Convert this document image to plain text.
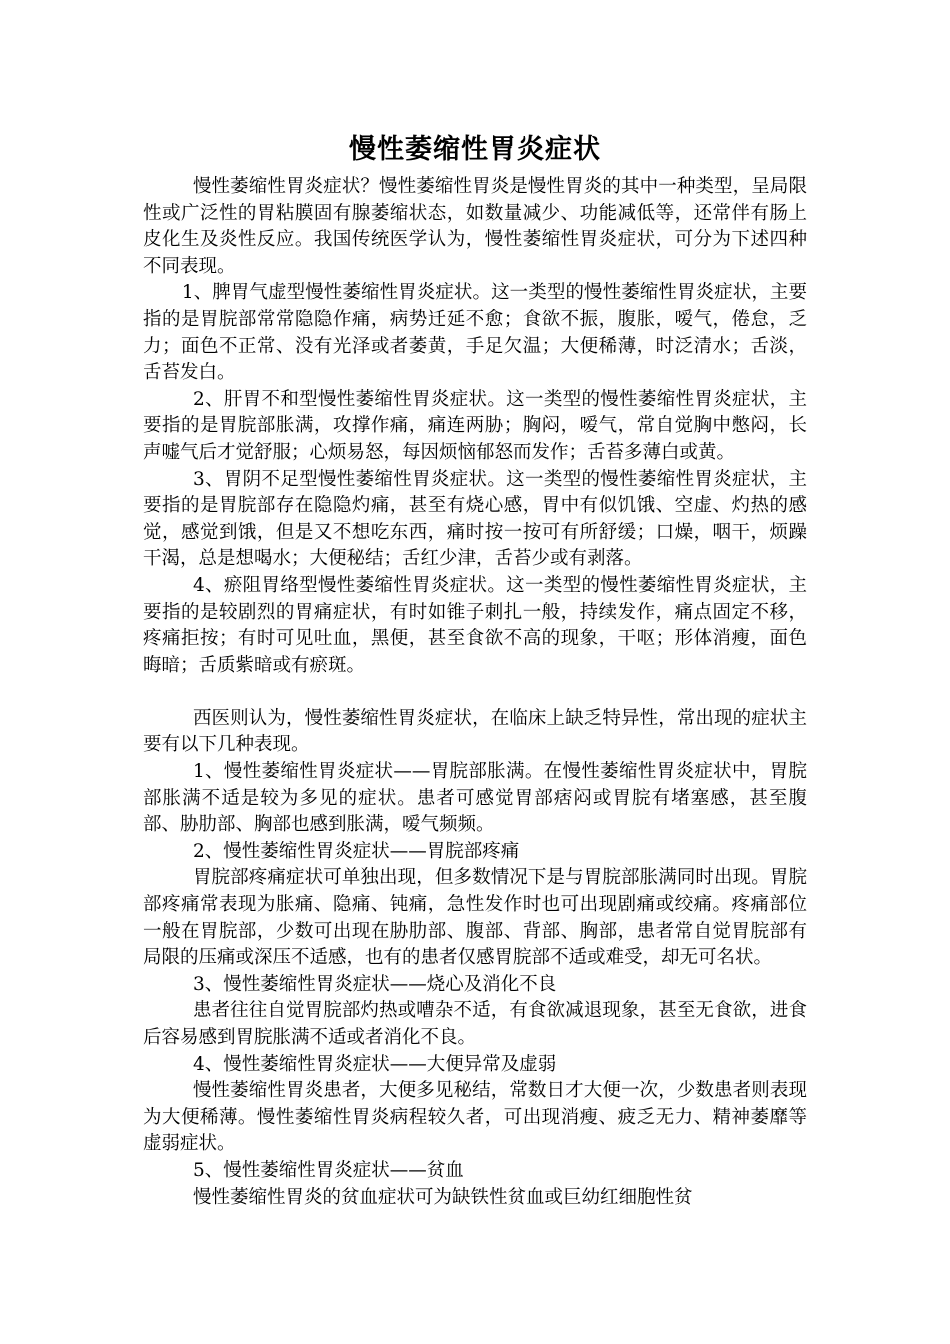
慢性萎缩性胃炎症状

慢性萎缩性胃炎症状？慢性萎缩性胃炎是慢性胃炎的其中一种类型，呈局限性或广泛性的胃粘膜固有腺萎缩状态，如数量减少、功能减低等，还常伴有肠上皮化生及炎性反应。我国传统医学认为，慢性萎缩性胃炎症状，可分为下述四种不同表现。

1、脾胃气虚型慢性萎缩性胃炎症状。这一类型的慢性萎缩性胃炎症状，主要指的是胃脘部常常隐隐作痛，病势迁延不愈；食欲不振，腹胀，嗳气，倦怠，乏力；面色不正常、没有光泽或者萎黄，手足欠温；大便稀薄，时泛清水；舌淡，舌苔发白。

2、肝胃不和型慢性萎缩性胃炎症状。这一类型的慢性萎缩性胃炎症状，主要指的是胃脘部胀满，攻撑作痛，痛连两胁；胸闷，嗳气，常自觉胸中憋闷，长声嘘气后才觉舒服；心烦易怒，每因烦恼郁怒而发作；舌苔多薄白或黄。

3、胃阴不足型慢性萎缩性胃炎症状。这一类型的慢性萎缩性胃炎症状，主要指的是胃脘部存在隐隐灼痛，甚至有烧心感，胃中有似饥饿、空虚、灼热的感觉，感觉到饿，但是又不想吃东西，痛时按一按可有所舒缓；口燥，咽干，烦躁干渴，总是想喝水；大便秘结；舌红少津，舌苔少或有剥落。

4、瘀阻胃络型慢性萎缩性胃炎症状。这一类型的慢性萎缩性胃炎症状，主要指的是较剧烈的胃痛症状，有时如锥子刺扎一般，持续发作，痛点固定不移，疼痛拒按；有时可见吐血，黑便，甚至食欲不高的现象，干呕；形体消瘦，面色晦暗；舌质紫暗或有瘀斑。

西医则认为，慢性萎缩性胃炎症状，在临床上缺乏特异性，常出现的症状主要有以下几种表现。

1、慢性萎缩性胃炎症状——胃脘部胀满。在慢性萎缩性胃炎症状中，胃脘部胀满不适是较为多见的症状。患者可感觉胃部痞闷或胃脘有堵塞感，甚至腹部、胁肋部、胸部也感到胀满，嗳气频频。

2、慢性萎缩性胃炎症状——胃脘部疼痛

胃脘部疼痛症状可单独出现，但多数情况下是与胃脘部胀满同时出现。胃脘部疼痛常表现为胀痛、隐痛、钝痛，急性发作时也可出现剧痛或绞痛。疼痛部位一般在胃脘部，少数可出现在胁肋部、腹部、背部、胸部，患者常自觉胃脘部有局限的压痛或深压不适感，也有的患者仅感胃脘部不适或难受，却无可名状。

3、慢性萎缩性胃炎症状——烧心及消化不良

患者往往自觉胃脘部灼热或嘈杂不适，有食欲减退现象，甚至无食欲，进食后容易感到胃脘胀满不适或者消化不良。

4、慢性萎缩性胃炎症状——大便异常及虚弱

慢性萎缩性胃炎患者，大便多见秘结，常数日才大便一次，少数患者则表现为大便稀薄。慢性萎缩性胃炎病程较久者，可出现消瘦、疲乏无力、精神萎靡等虚弱症状。

5、慢性萎缩性胃炎症状——贫血

慢性萎缩性胃炎的贫血症状可为缺铁性贫血或巨幼红细胞性贫
